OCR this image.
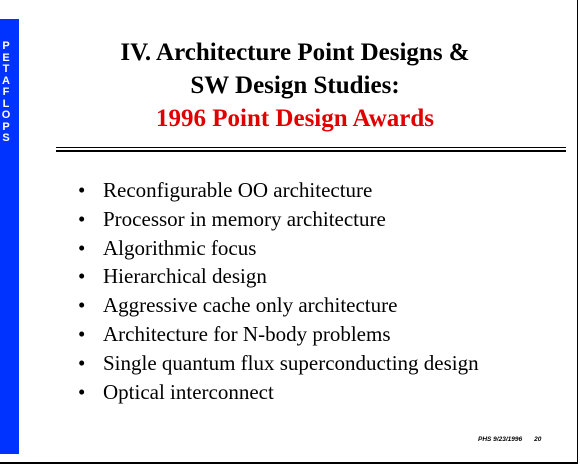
P
E
T
A
F
L
O
P
S
IV. Architecture Point Designs &
SW Design Studies:
1996 Point Design Awards
• Reconfigurable OO architecture
• Processor in memory architecture
• Algorithmic focus
• Hierarchical design
• Aggressive cache only architecture
• Architecture for N-body problems
• Single quantum flux superconducting design
• Optical interconnect
PHS 9/23/1996 20
